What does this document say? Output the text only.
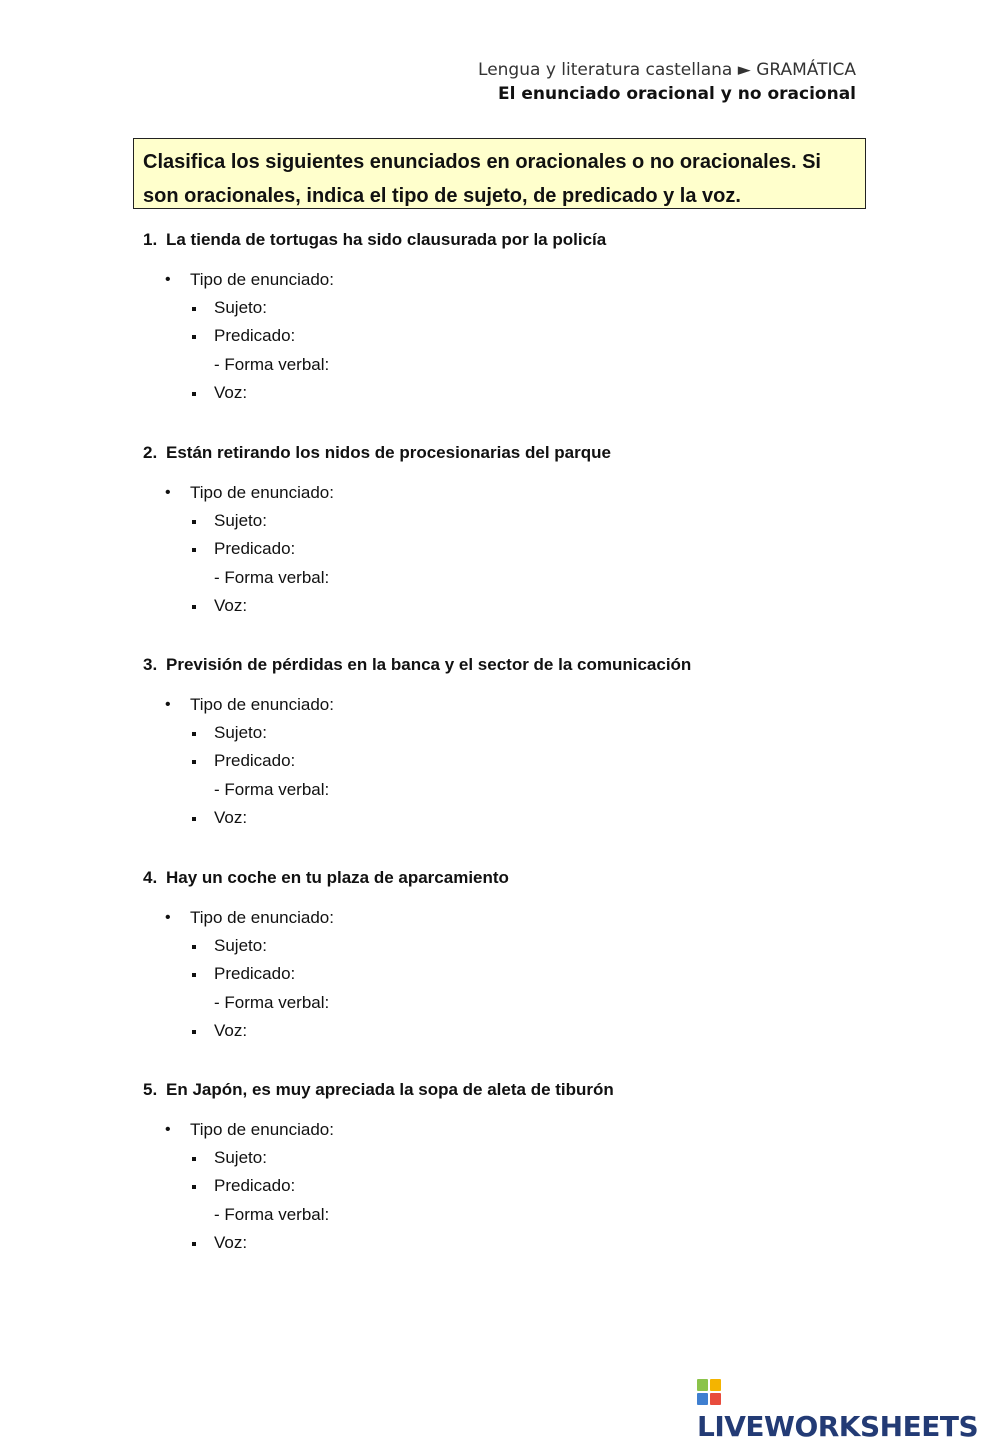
Lengua y literatura castellana ► GRAMÁTICA
El enunciado oracional y no oracional
Clasifica los siguientes enunciados en oracionales o no oracionales. Si son oracionales, indica el tipo de sujeto, de predicado y la voz.
1. La tienda de tortugas ha sido clausurada por la policía
• Tipo de enunciado:
Sujeto:
Predicado:
- Forma verbal:
Voz:
2. Están retirando los nidos de procesionarias del parque
• Tipo de enunciado:
Sujeto:
Predicado:
- Forma verbal:
Voz:
3. Previsión de pérdidas en la banca y el sector de la comunicación
• Tipo de enunciado:
Sujeto:
Predicado:
- Forma verbal:
Voz:
4. Hay un coche en tu plaza de aparcamiento
• Tipo de enunciado:
Sujeto:
Predicado:
- Forma verbal:
Voz:
5. En Japón, es muy apreciada la sopa de aleta de tiburón
• Tipo de enunciado:
Sujeto:
Predicado:
- Forma verbal:
Voz:
LIVEWORKSHEETS
